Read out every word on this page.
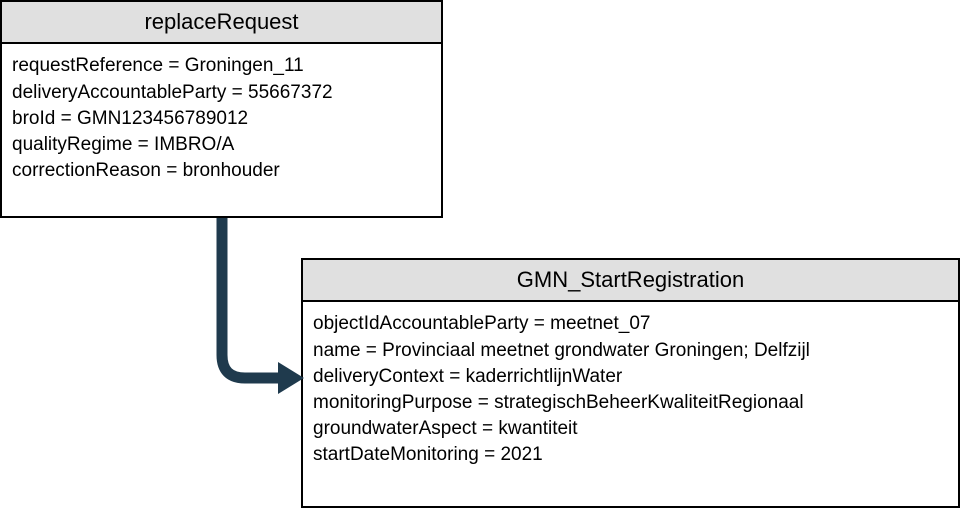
replaceRequest
requestReference = Groningen_11
deliveryAccountableParty = 55667372
broId = GMN123456789012
qualityRegime = IMBRO/A
correctionReason = bronhouder
GMN_StartRegistration
objectIdAccountableParty = meetnet_07
name = Provinciaal meetnet grondwater Groningen; Delfzijl
deliveryContext = kaderrichtlijnWater
monitoringPurpose = strategischBeheerKwaliteitRegionaal
groundwaterAspect = kwantiteit
startDateMonitoring = 2021
